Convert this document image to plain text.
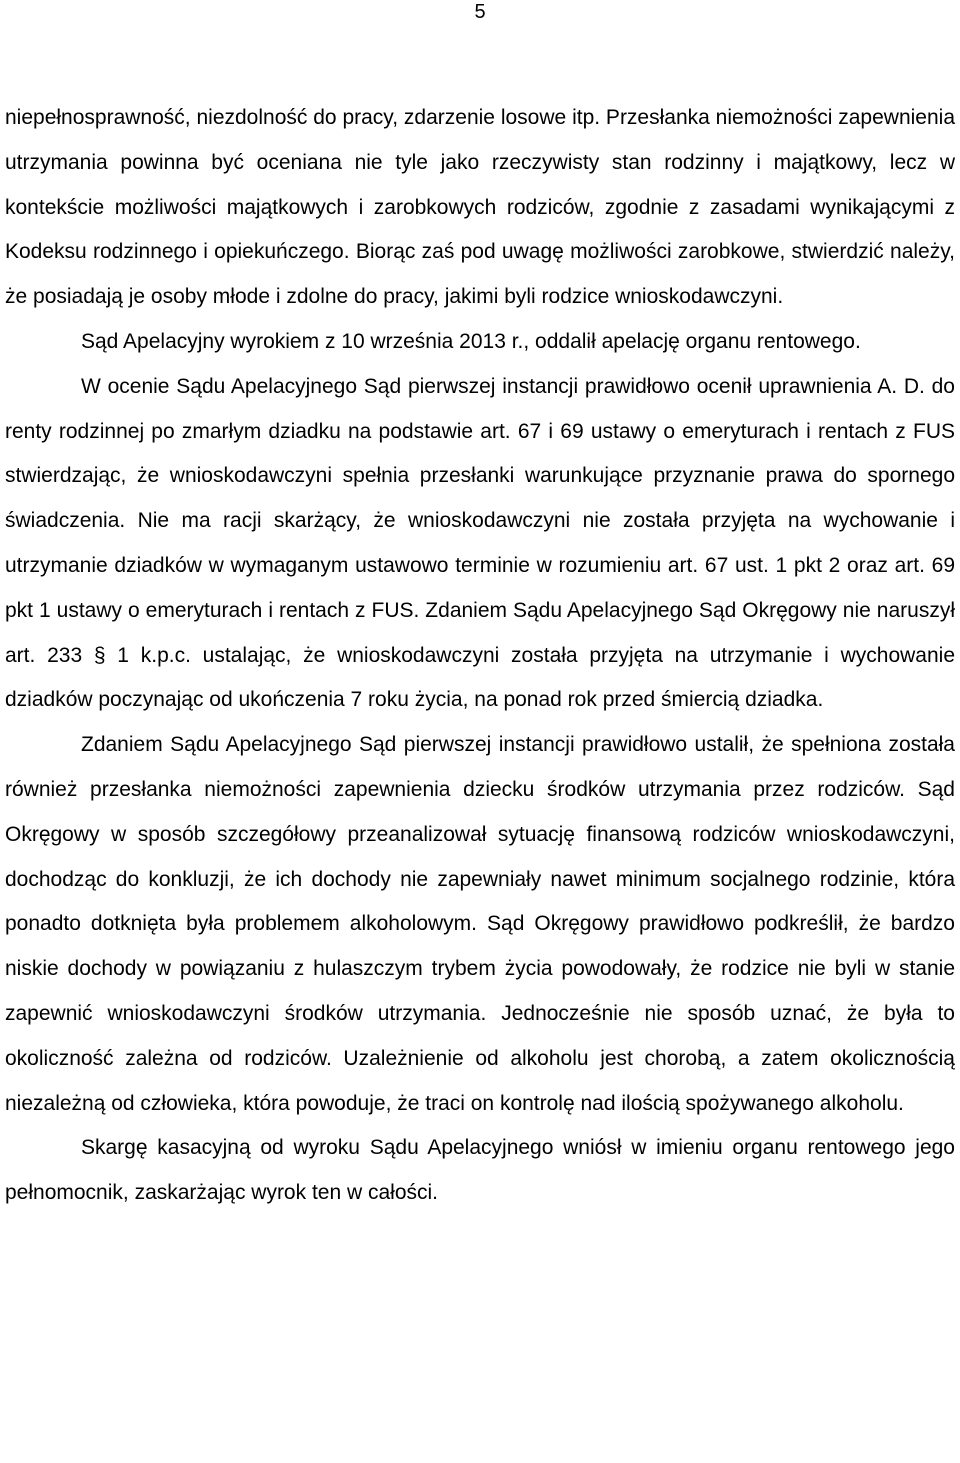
5

niepełnosprawność, niezdolność do pracy, zdarzenie losowe itp. Przesłanka niemożności zapewnienia utrzymania powinna być oceniana nie tyle jako rzeczywisty stan rodzinny i majątkowy, lecz w kontekście możliwości majątkowych i zarobkowych rodziców, zgodnie z zasadami wynikającymi z Kodeksu rodzinnego i opiekuńczego. Biorąc zaś pod uwagę możliwości zarobkowe, stwierdzić należy, że posiadają je osoby młode i zdolne do pracy, jakimi byli rodzice wnioskodawczyni.

Sąd Apelacyjny wyrokiem z 10 września 2013 r., oddalił apelację organu rentowego.

W ocenie Sądu Apelacyjnego Sąd pierwszej instancji prawidłowo ocenił uprawnienia A. D. do renty rodzinnej po zmarłym dziadku na podstawie art. 67 i 69 ustawy o emeryturach i rentach z FUS stwierdzając, że wnioskodawczyni spełnia przesłanki warunkujące przyznanie prawa do spornego świadczenia. Nie ma racji skarżący, że wnioskodawczyni nie została przyjęta na wychowanie i utrzymanie dziadków w wymaganym ustawowo terminie w rozumieniu art. 67 ust. 1 pkt 2 oraz art. 69 pkt 1 ustawy o emeryturach i rentach z FUS. Zdaniem Sądu Apelacyjnego Sąd Okręgowy nie naruszył art. 233 § 1 k.p.c. ustalając, że wnioskodawczyni została przyjęta na utrzymanie i wychowanie dziadków poczynając od ukończenia 7 roku życia, na ponad rok przed śmiercią dziadka.

Zdaniem Sądu Apelacyjnego Sąd pierwszej instancji prawidłowo ustalił, że spełniona została również przesłanka niemożności zapewnienia dziecku środków utrzymania przez rodziców. Sąd Okręgowy w sposób szczegółowy przeanalizował sytuację finansową rodziców wnioskodawczyni, dochodząc do konkluzji, że ich dochody nie zapewniały nawet minimum socjalnego rodzinie, która ponadto dotknięta była problemem alkoholowym. Sąd Okręgowy prawidłowo podkreślił, że bardzo niskie dochody w powiązaniu z hulaszczym trybem życia powodowały, że rodzice nie byli w stanie zapewnić wnioskodawczyni środków utrzymania. Jednocześnie nie sposób uznać, że była to okoliczność zależna od rodziców. Uzależnienie od alkoholu jest chorobą, a zatem okolicznością niezależną od człowieka, która powoduje, że traci on kontrolę nad ilością spożywanego alkoholu.

Skargę kasacyjną od wyroku Sądu Apelacyjnego wniósł w imieniu organu rentowego jego pełnomocnik, zaskarżając wyrok ten w całości.
